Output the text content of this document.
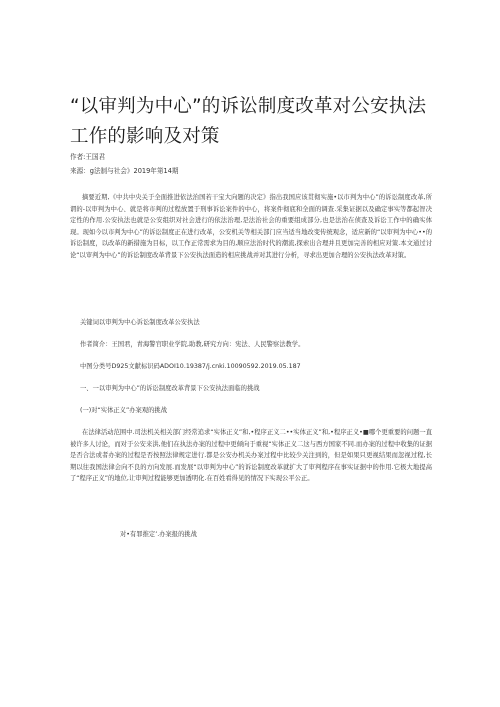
“以审判为中心”的诉讼制度改革对公安执法工作的影响及对策
作者:王国君
来源：g法制与社会》2019年第14期

摘要近期,《中共中央关于全面推进依法治国若干宝大向题的决定》指出我国应该贯彻实施•以市判为中心”的诉讼制度改革,所谓的-以审判为中心、就是将市判的过程放置于刑事诉讼案件的中心，将案件彻底和全面的调查.采集证据以及确定事实等都起智决定性的作用.公安执法也就是公安组织对社会进行的依法治理,是法治社会的重要组成部分,也是法治在侦查及诉讼工作中的确实体现。现如今以市判为中心”的诉讼制度正在进行改革，公安机关等相关部门应当适当地改变传统观念，适应新的“以审判为中心••的诉讼制度，以改革的新措施为目标，以工作正常需求为目的,顺应法治时代的潮流,探索出合理并且更加完善的相应对策.本文通过讨论“以审判为中心”的诉讼制度改革背景下公安执法面造的相应挑战并对其进行分析，寻求出更加合理的公安执法改革对策。

关键词以审判为中心诉讼制度改革公安执法
作者简介：王国君，青海警官职业学院,助教,研究方向：宪法、人民警察法教学。
中图分类号D925文献标识码ADOI10.19387/j.cnki.10090592.2019.05.187
一、一以审判为中心”的诉讼制度改革背景下公安执法面临的挑战
(一)对“实体正义”办案观的挑战

在法律活动范围中.司法机关相关部门经常追求“实体正义”和,•程序正义二••实体正义”和,•程序正义•■哪个更重要的问题一直被许多人讨论，而对于公安来洪,他们在执法办案的过程中更倾向于重视“实体正义二这与西方国家不同.而办案的过程中收集的证据是否合法或者办案的过程是否按照法律规定进行.都是公安办机关办案过程中比较少关注到的，但是如果只更视结果而忽视过程,长期以往我国法律会向不良的方向发展.而发展“以审判为中心”的诉讼制度改革就扩大了审判程序在事实证据中的作用.它极大地提高了“程序正义”的地位,让审判过程能够更加透明化.在百姓看得见的情况下实现公平公正。

对•有罪推定’.办案报的挑战
